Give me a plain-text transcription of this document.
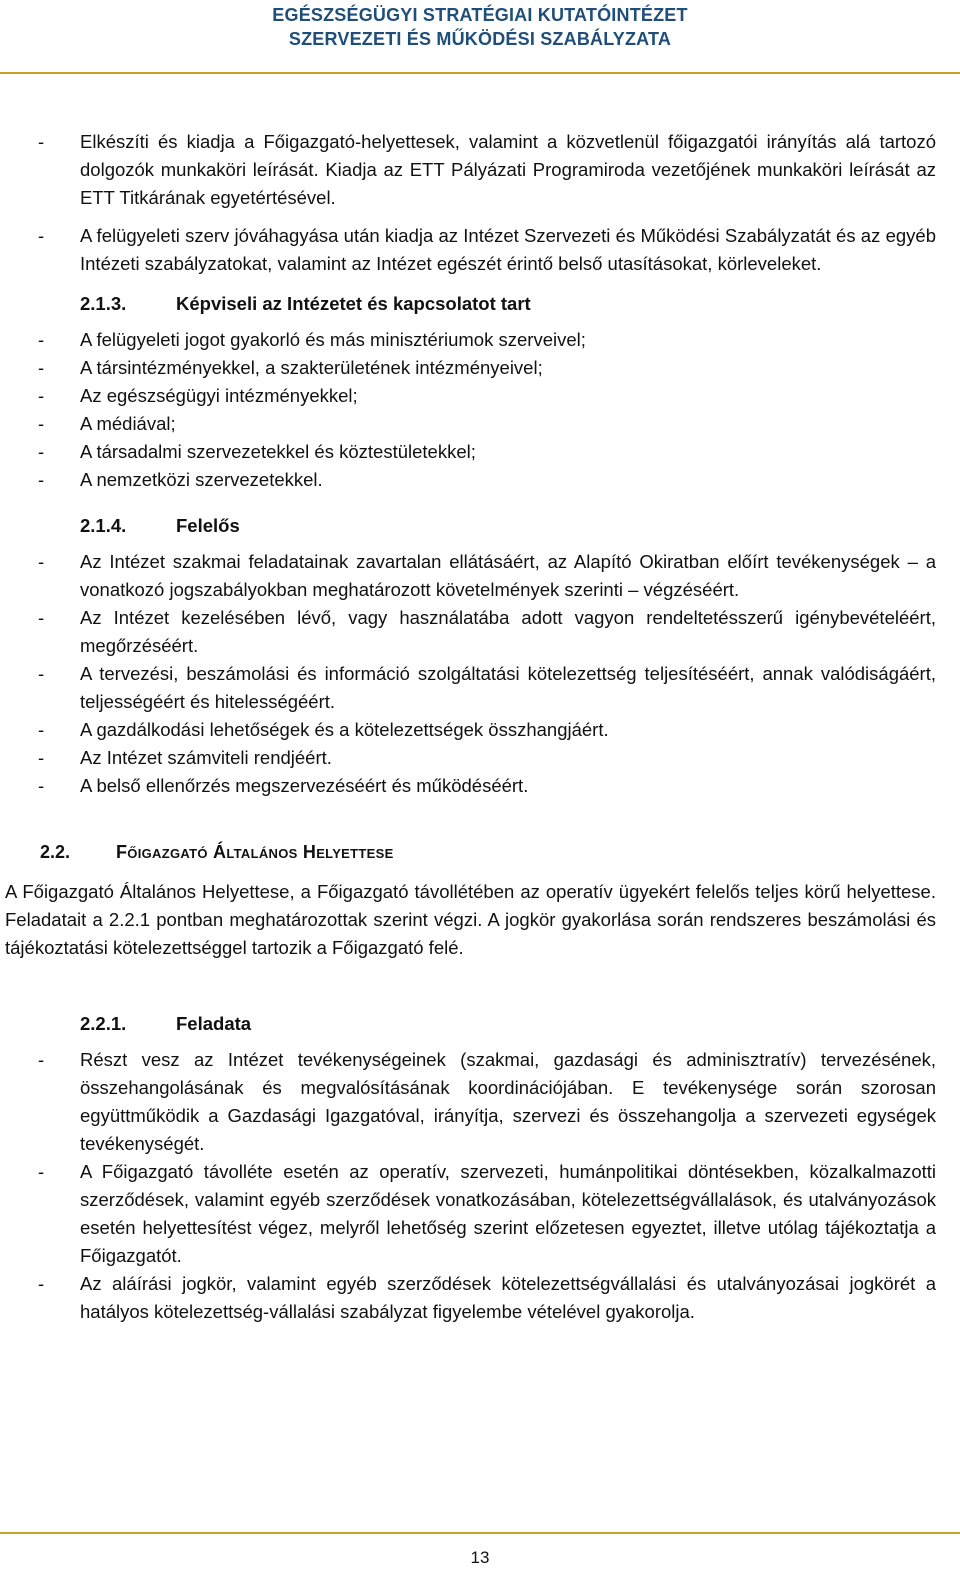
EGÉSZSÉGÜGYI STRATÉGIAI KUTATÓINTÉZET
SZERVEZETI ÉS MŰKÖDÉSI SZABÁLYZATA
- Elkészíti és kiadja a Főigazgató-helyettesek, valamint a közvetlenül főigazgatói irányítás alá tartozó dolgozók munkaköri leírását. Kiadja az ETT Pályázati Programiroda vezetőjének munkaköri leírását az ETT Titkárának egyetértésével.
- A felügyeleti szerv jóváhagyása után kiadja az Intézet Szervezeti és Működési Szabályzatát és az egyéb Intézeti szabályzatokat, valamint az Intézet egészét érintő belső utasításokat, körleveleket.
2.1.3.	Képviseli az Intézetet és kapcsolatot tart
- A felügyeleti jogot gyakorló és más minisztériumok szerveivel;
- A társintézményekkel, a szakterületének intézményeivel;
- Az egészségügyi intézményekkel;
- A médiával;
- A társadalmi szervezetekkel és köztestületekkel;
- A nemzetközi szervezetekkel.
2.1.4.	Felelős
- Az Intézet szakmai feladatainak zavartalan ellátásáért, az Alapító Okiratban előírt tevékenységek – a vonatkozó jogszabályokban meghatározott követelmények szerinti – végzéséért.
- Az Intézet kezelésében lévő, vagy használatába adott vagyon rendeltetésszerű igénybevételéért, megőrzéséért.
- A tervezési, beszámolási és információ szolgáltatási kötelezettség teljesítéséért, annak valódiságáért, teljességéért és hitelességéért.
- A gazdálkodási lehetőségek és a kötelezettségek összhangjáért.
- Az Intézet számviteli rendjéért.
- A belső ellenőrzés megszervezéséért és működéséért.
2.2.	Főigazgató Általános Helyettese
A Főigazgató Általános Helyettese, a Főigazgató távollétében az operatív ügyekért felelős teljes körű helyettese. Feladatait a 2.2.1 pontban meghatározottak szerint végzi. A jogkör gyakorlása során rendszeres beszámolási és tájékoztatási kötelezettséggel tartozik a Főigazgató felé.
2.2.1.	Feladata
- Részt vesz az Intézet tevékenységeinek (szakmai, gazdasági és adminisztratív) tervezésének, összehangolásának és megvalósításának koordinációjában. E tevékenysége során szorosan együttműködik a Gazdasági Igazgatóval, irányítja, szervezi és összehangolja a szervezeti egységek tevékenységét.
- A Főigazgató távolléte esetén az operatív, szervezeti, humánpolitikai döntésekben, közalkalmazotti szerződések, valamint egyéb szerződések vonatkozásában, kötelezettségvállalások, és utalványozások esetén helyettesítést végez, melyről lehetőség szerint előzetesen egyeztet, illetve utólag tájékoztatja a Főigazgatót.
- Az aláírási jogkör, valamint egyéb szerződések kötelezettségvállalási és utalványozásai jogkörét a hatályos kötelezettség-vállalási szabályzat figyelembe vételével gyakorolja.
13
